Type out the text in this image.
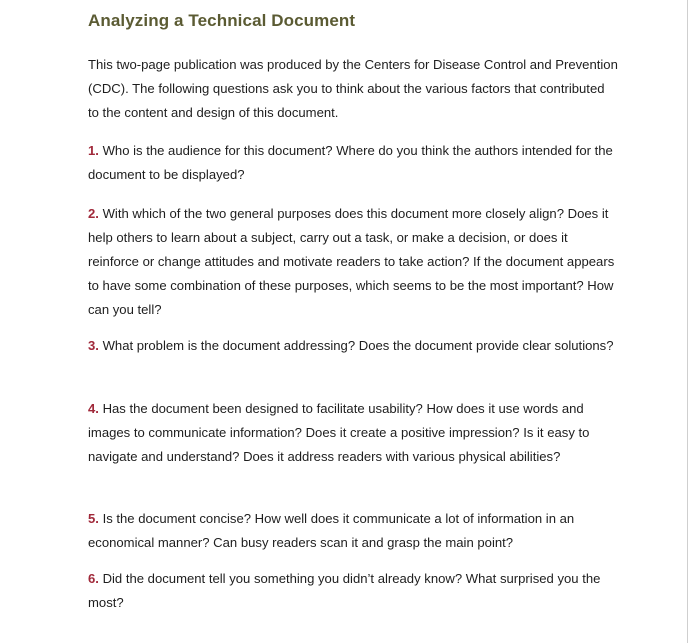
Analyzing a Technical Document

This two-page publication was produced by the Centers for Disease Control and Prevention (CDC). The following questions ask you to think about the various factors that contributed to the content and design of this document.

1. Who is the audience for this document? Where do you think the authors intended for the document to be displayed?

2. With which of the two general purposes does this document more closely align? Does it help others to learn about a subject, carry out a task, or make a decision, or does it reinforce or change attitudes and motivate readers to take action? If the document appears to have some combination of these purposes, which seems to be the most important? How can you tell?

3. What problem is the document addressing? Does the document provide clear solutions?

4. Has the document been designed to facilitate usability? How does it use words and images to communicate information? Does it create a positive impression? Is it easy to navigate and understand? Does it address readers with various physical abilities?

5. Is the document concise? How well does it communicate a lot of information in an economical manner? Can busy readers scan it and grasp the main point?

6. Did the document tell you something you didn’t already know? What surprised you the most?
